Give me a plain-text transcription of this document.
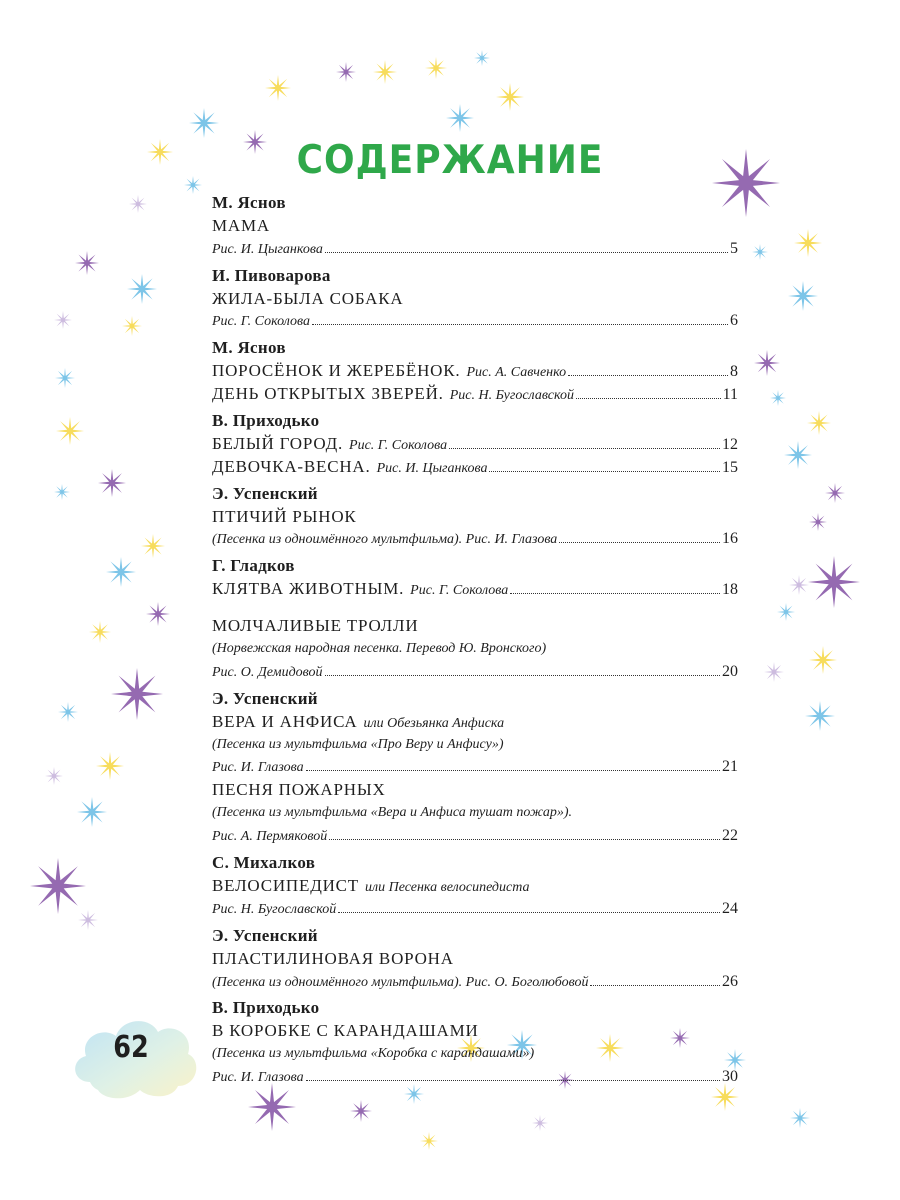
СОДЕРЖАНИЕ
М. Яснов
МАМА
Рис. И. Цыганкова	5
И. Пивоварова
ЖИЛА-БЫЛА СОБАКА
Рис. Г. Соколова	6
М. Яснов
ПОРОСЁНОК И ЖЕРЕБЁНОК. Рис. А. Савченко	8
ДЕНЬ ОТКРЫТЫХ ЗВЕРЕЙ. Рис. Н. Бугославской	11
В. Приходько
БЕЛЫЙ ГОРОД. Рис. Г. Соколова	12
ДЕВОЧКА-ВЕСНА. Рис. И. Цыганкова	15
Э. Успенский
ПТИЧИЙ РЫНОК
(Песенка из одноимённого мультфильма). Рис. И. Глазова	16
Г. Гладков
КЛЯТВА ЖИВОТНЫМ. Рис. Г. Соколова	18
МОЛЧАЛИВЫЕ ТРОЛЛИ
(Норвежская народная песенка. Перевод Ю. Вронского)
Рис. О. Демидовой	20
Э. Успенский
ВЕРА И АНФИСА или Обезьянка Анфиска
(Песенка из мультфильма «Про Веру и Анфису»)
Рис. И. Глазова	21
ПЕСНЯ ПОЖАРНЫХ
(Песенка из мультфильма «Вера и Анфиса тушат пожар»).
Рис. А. Пермяковой	22
С. Михалков
ВЕЛОСИПЕДИСТ или Песенка велосипедиста
Рис. Н. Бугославской	24
Э. Успенский
ПЛАСТИЛИНОВАЯ ВОРОНА
(Песенка из одноимённого мультфильма). Рис. О. Боголюбовой	26
В. Приходько
В КОРОБКЕ С КАРАНДАШАМИ
(Песенка из мультфильма «Коробка с карандашами»)
Рис. И. Глазова	30
62
